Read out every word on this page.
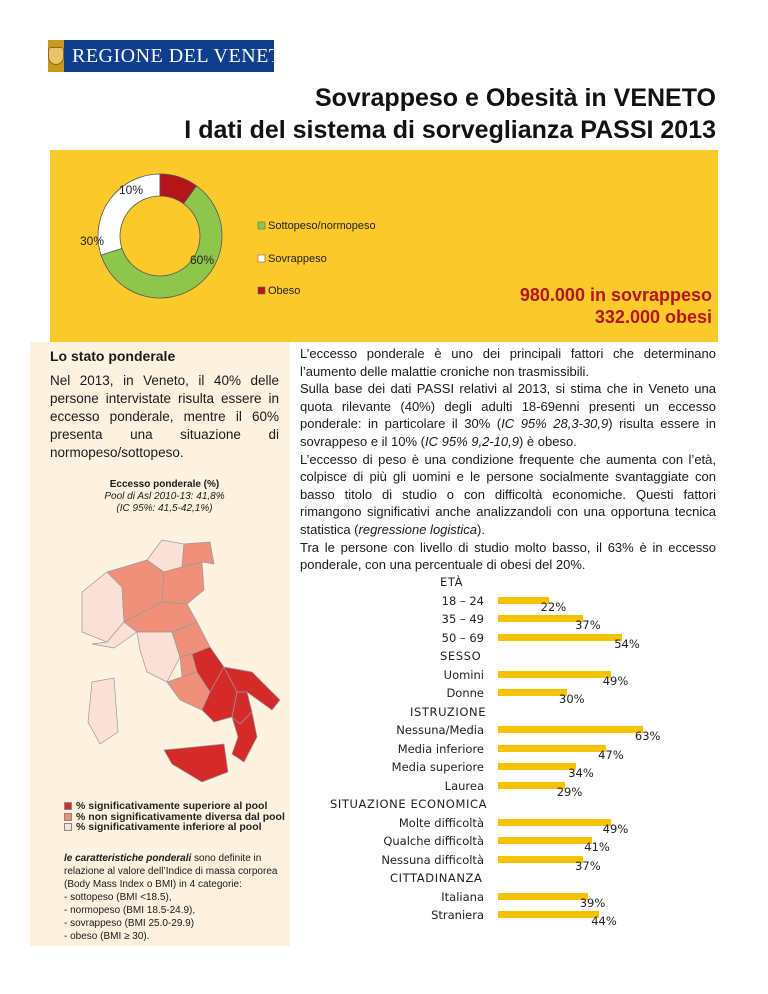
REGIONE DEL VENETO
Sovrappeso e Obesità in VENETO
I dati del sistema di sorveglianza PASSI 2013
60%
30%
10%
Sottopeso/normopeso
Sovrappeso
Obeso	980.000 in sovrappeso
332.000 obesi
Lo stato ponderale
Nel 2013, in Veneto, il 40% delle persone intervistate risulta essere in eccesso ponderale, mentre il 60% presenta una situazione di normopeso/sottopeso.
Eccesso ponderale (%)
Pool di Asl 2010-13: 41,8%
(IC 95%: 41,5-42,1%)
% significativamente superiore al pool
% non significativamente diversa dal pool
% significativamente inferiore al pool
le caratteristiche ponderali sono definite in relazione al valore dell’Indice di massa corporea (Body Mass Index o BMI) in 4 categorie:
- sottopeso (BMI <18.5),
- normopeso (BMI 18.5-24.9),
- sovrappeso (BMI 25.0-29.9)
- obeso (BMI ≥ 30).

L’eccesso ponderale è uno dei principali fattori che determinano l’aumento delle malattie croniche non trasmissibili.

Sulla base dei dati PASSI relativi al 2013, si stima che in Veneto una quota rilevante (40%) degli adulti 18-69enni presenti un eccesso ponderale: in particolare il 30% (IC 95% 28,3-30,9) risulta essere in sovrappeso e il 10% (IC 95% 9,2-10,9) è obeso.

L’eccesso di peso è una condizione frequente che aumenta con l’età, colpisce di più gli uomini e le persone socialmente svantaggiate con basso titolo di studio o con difficoltà economiche. Questi fattori rimangono significativi anche analizzandoli con una opportuna tecnica statistica (regressione logistica).

Tra le persone con livello di studio molto basso, il 63% è in eccesso ponderale, con una percentuale di obesi del 20%.

ETÀ
18 – 24	22%
35 – 49	37%
50 – 69	54%
SESSO
Uomini	49%
Donne	30%
ISTRUZIONE
Nessuna/Media	63%
Media inferiore	47%
Media superiore	34%
Laurea	29%
SITUAZIONE ECONOMICA
Molte difficoltà	49%
Qualche difficoltà	41%
Nessuna difficoltà	37%
CITTADINANZA
Italiana	39%
Straniera	44%
